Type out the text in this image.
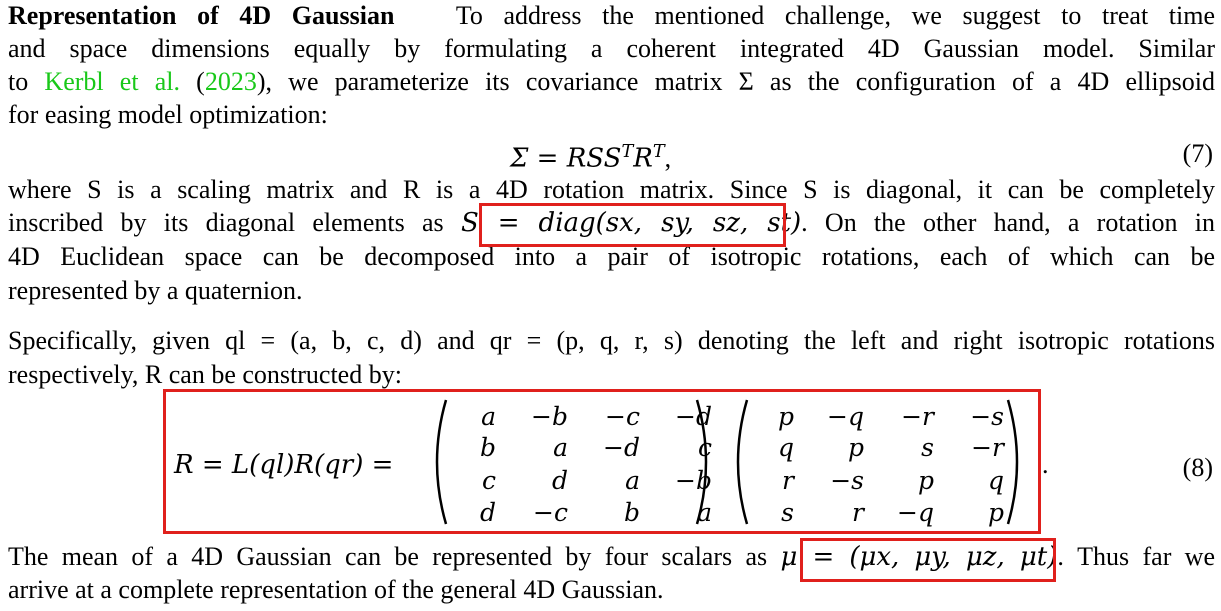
Representation of 4D Gaussian To address the mentioned challenge, we suggest to treat time
and space dimensions equally by formulating a coherent integrated 4D Gaussian model. Similar
to Kerbl et al. (2023), we parameterize its covariance matrix Σ as the configuration of a 4D ellipsoid
for easing model optimization:
$\Sigma = RSS^TR^T$,	(7)
where S is a scaling matrix and R is a 4D rotation matrix. Since S is diagonal, it can be completely
inscribed by its diagonal elements as S = diag(sx, sy, sz, st). On the other hand, a rotation in
4D Euclidean space can be decomposed into a pair of isotropic rotations, each of which can be
represented by a quaternion.
Specifically, given ql = (a, b, c, d) and qr = (p, q, r, s) denoting the left and right isotropic rotations
respectively, R can be constructed by:
R = L(ql)R(qr) =
a	−b	−c	−d
b	a	−d	c
c	d	a	−b
d	−c	b	a
p	−q	−r	−s
q	p	s	−r
r	−s	p	q
s	r	−q	p
.	(8)
The mean of a 4D Gaussian can be represented by four scalars as μ = (μx, μy, μz, μt). Thus far we
arrive at a complete representation of the general 4D Gaussian.
